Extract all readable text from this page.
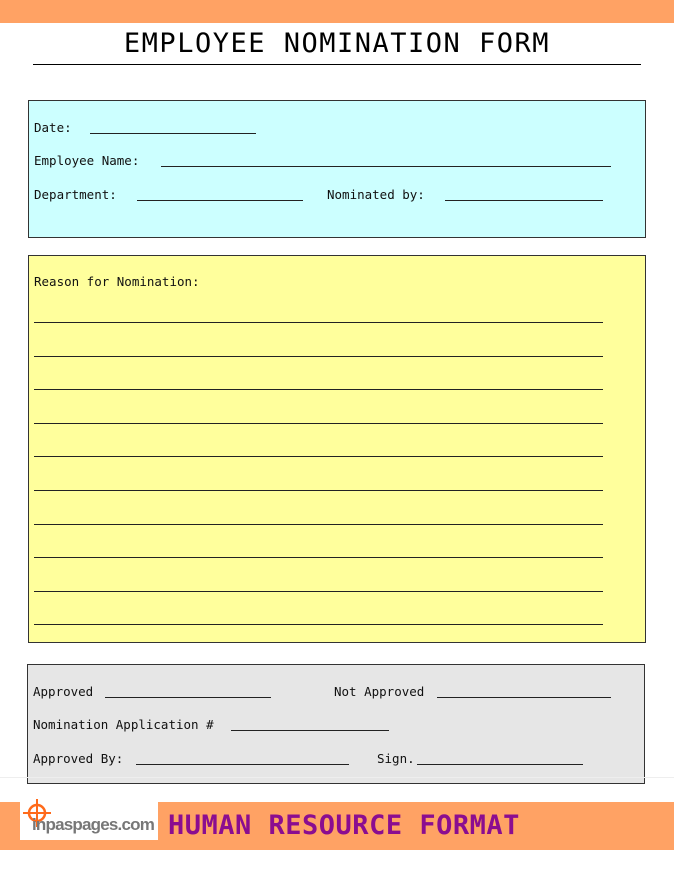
EMPLOYEE NOMINATION FORM
Date:
Employee Name:
Department:	Nominated by:
Reason for Nomination:
Approved	Not Approved
Nomination Application #
Approved By:	Sign.
inpaspages.com HUMAN RESOURCE FORMAT
